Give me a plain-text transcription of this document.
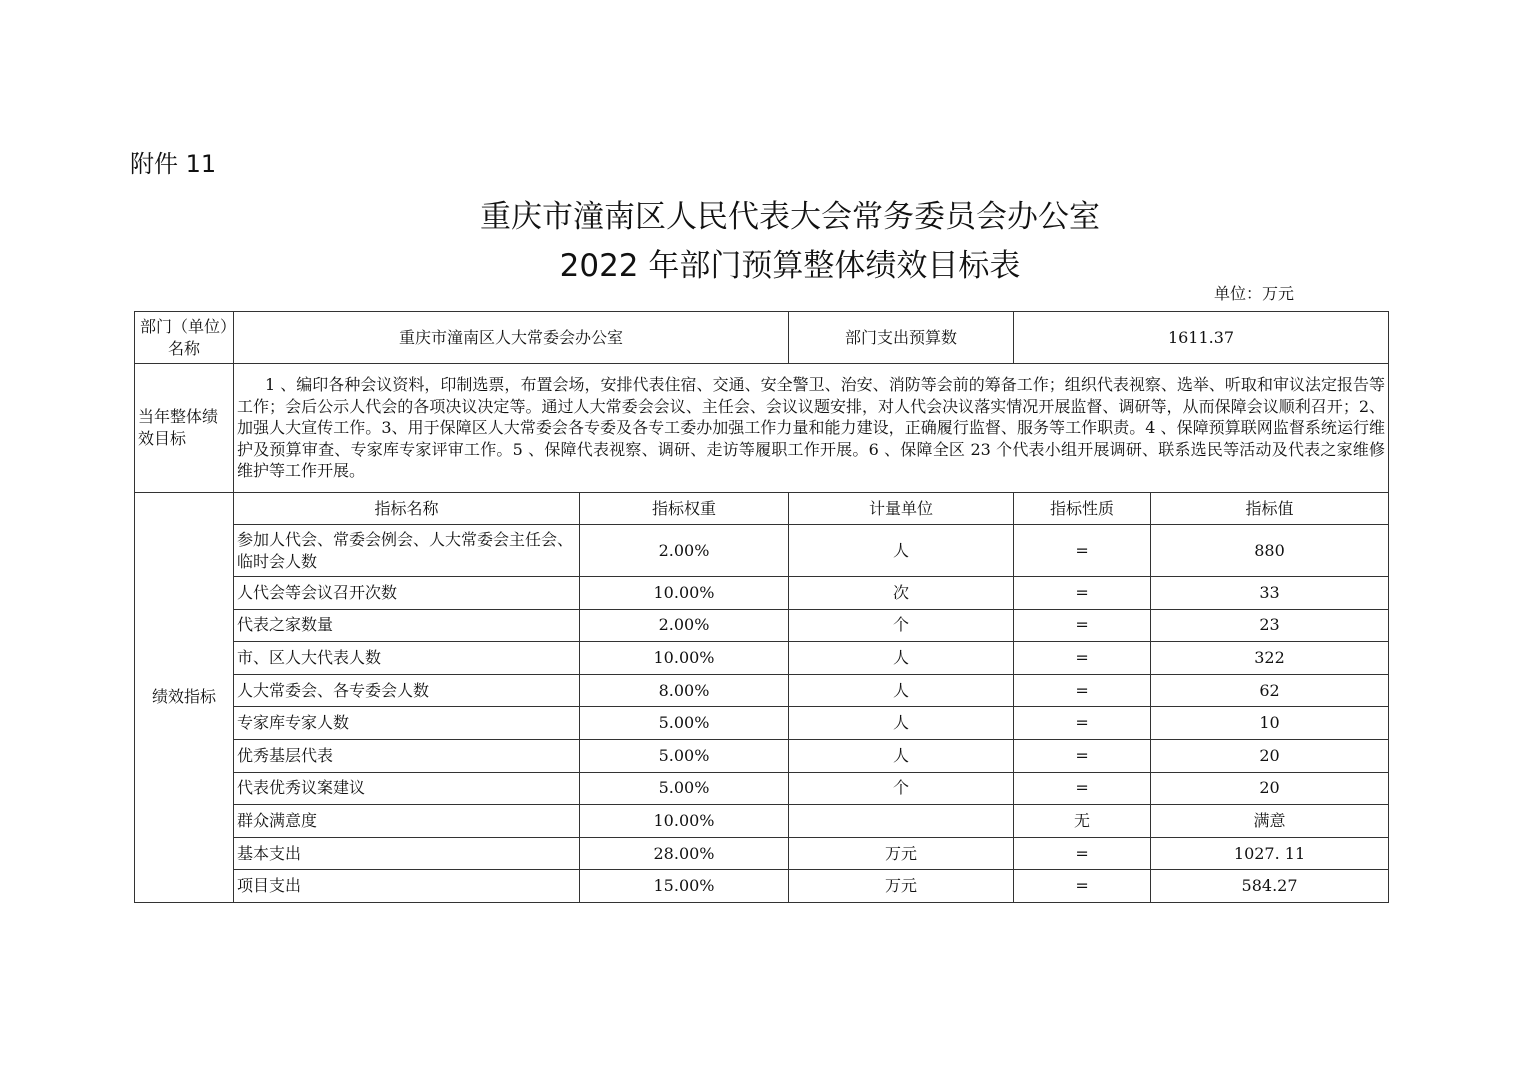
附件 11
重庆市潼南区人民代表大会常务委员会办公室
2022 年部门预算整体绩效目标表
单位：万元
部门（单位）名称	重庆市潼南区人大常委会办公室		部门支出预算数	1611.37	
当年整体绩效目标	1 、编印各种会议资料，印制选票，布置会场，安排代表住宿、交通、安全警卫、治安、消防等会前的筹备工作；组织代表视察、选举、听取和审议法定报告等工作；会后公示人代会的各项决议决定等。通过人大常委会会议、主任会、会议议题安排，对人代会决议落实情况开展监督、调研等，从而保障会议顺利召开；2、加强人大宣传工作。3、用于保障区人大常委会各专委及各专工委办加强工作力量和能力建设，正确履行监督、服务等工作职责。4 、保障预算联网监督系统运行维护及预算审查、专家库专家评审工作。5 、保障代表视察、调研、走访等履职工作开展。6 、保障全区 23 个代表小组开展调研、联系选民等活动及代表之家维修维护等工作开展。				
绩效指标	指标名称	指标权重	计量单位	指标性质	指标值
	参加人代会、常委会例会、人大常委会主任会、临时会人数	2.00%	人	=	880
	人代会等会议召开次数	10.00%	次	=	33
	代表之家数量	2.00%	个	=	23
	市、区人大代表人数	10.00%	人	=	322
	人大常委会、各专委会人数	8.00%	人	=	62
	专家库专家人数	5.00%	人	=	10
	优秀基层代表	5.00%	人	=	20
	代表优秀议案建议	5.00%	个	=	20
	群众满意度	10.00%		无	满意
	基本支出	28.00%	万元	=	1027. 11
	项目支出	15.00%	万元	=	584.27
